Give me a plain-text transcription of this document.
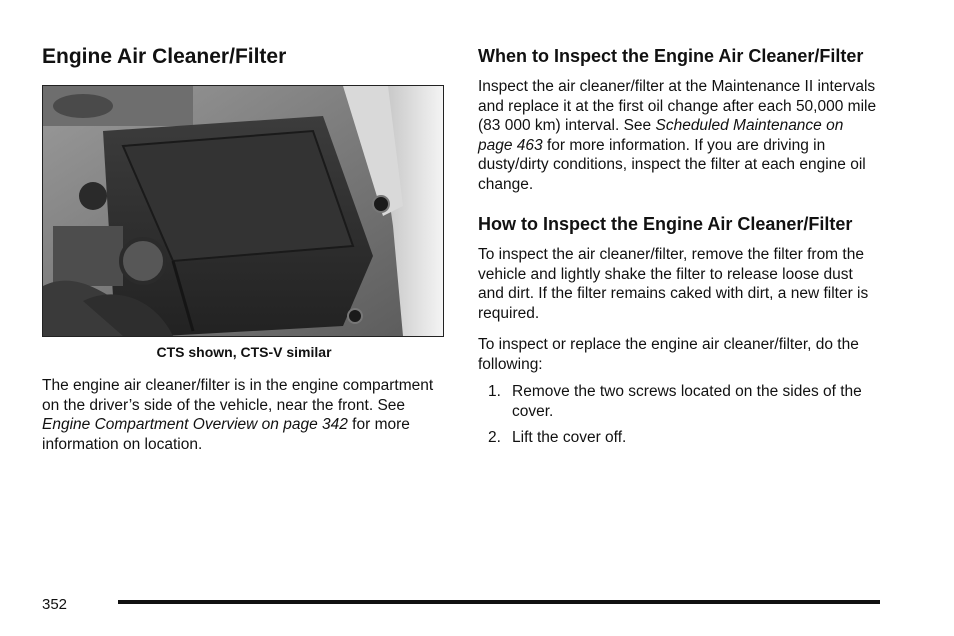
Engine Air Cleaner/Filter
CTS shown, CTS-V similar

The engine air cleaner/filter is in the engine compartment on the driver’s side of the vehicle, near the front. See Engine Compartment Overview on page 342 for more information on location.

When to Inspect the Engine Air Cleaner/Filter

Inspect the air cleaner/filter at the Maintenance II intervals and replace it at the first oil change after each 50,000 mile (83 000 km) interval. See Scheduled Maintenance on page 463 for more information. If you are driving in dusty/dirty conditions, inspect the filter at each engine oil change.

How to Inspect the Engine Air Cleaner/Filter

To inspect the air cleaner/filter, remove the filter from the vehicle and lightly shake the filter to release loose dust and dirt. If the filter remains caked with dirt, a new filter is required.

To inspect or replace the engine air cleaner/filter, do the following:

1. Remove the two screws located on the sides of the cover.
2. Lift the cover off.
352
